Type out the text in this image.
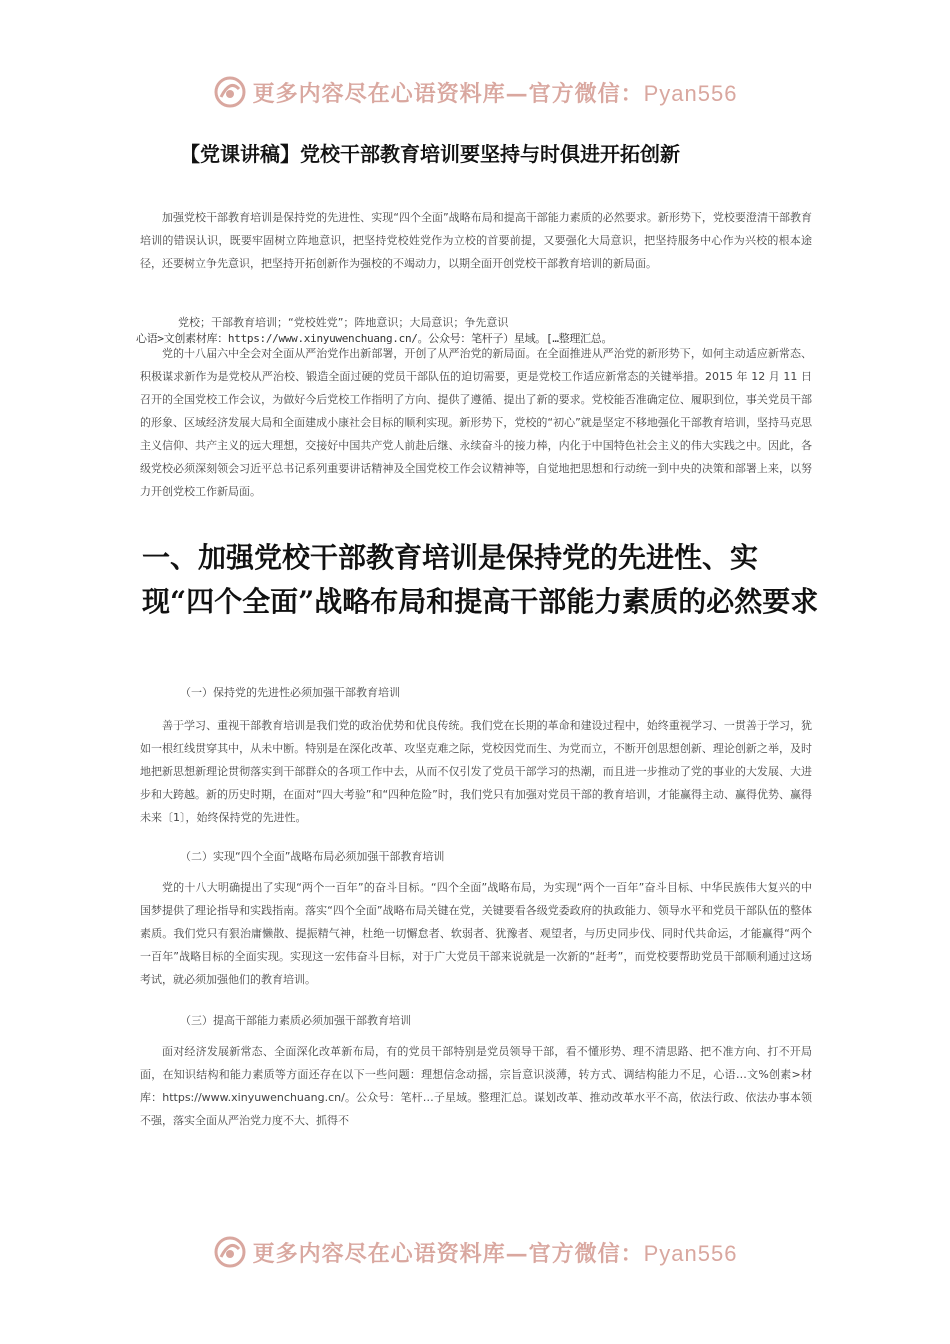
更多内容尽在心语资料库—官方微信：Pyan556
【党课讲稿】党校干部教育培训要坚持与时俱进开拓创新

加强党校干部教育培训是保持党的先进性、实现“四个全面”战略布局和提高干部能力素质的必然要求。新形势下，党校要澄清干部教育培训的错误认识，既要牢固树立阵地意识，把坚持党校姓党作为立校的首要前提，又要强化大局意识，把坚持服务中心作为兴校的根本途径，还要树立争先意识，把坚持开拓创新作为强校的不竭动力，以期全面开创党校干部教育培训的新局面。

党校；干部教育培训；“党校姓党”；阵地意识；大局意识；争先意识
心语>文创素材库：https://www.xinyuwenchuang.cn/。公众号：笔杆子）星域。[…整理汇总。

党的十八届六中全会对全面从严治党作出新部署，开创了从严治党的新局面。在全面推进从严治党的新形势下，如何主动适应新常态、积极谋求新作为是党校从严治校、锻造全面过硬的党员干部队伍的迫切需要，更是党校工作适应新常态的关键举措。2015 年 12 月 11 日召开的全国党校工作会议，为做好今后党校工作指明了方向、提供了遵循、提出了新的要求。党校能否准确定位、履职到位，事关党员干部的形象、区域经济发展大局和全面建成小康社会目标的顺利实现。新形势下，党校的“初心”就是坚定不移地强化干部教育培训，坚持马克思主义信仰、共产主义的远大理想，交接好中国共产党人前赴后继、永续奋斗的接力棒，内化于中国特色社会主义的伟大实践之中。因此，各级党校必须深刻领会习近平总书记系列重要讲话精神及全国党校工作会议精神等，自觉地把思想和行动统一到中央的决策和部署上来，以努力开创党校工作新局面。

一、加强党校干部教育培训是保持党的先进性、实现“四个全面”战略布局和提高干部能力素质的必然要求
（一）保持党的先进性必须加强干部教育培训

善于学习、重视干部教育培训是我们党的政治优势和优良传统。我们党在长期的革命和建设过程中，始终重视学习、一贯善于学习，犹如一根红线贯穿其中，从未中断。特别是在深化改革、攻坚克难之际，党校因党而生、为党而立，不断开创思想创新、理论创新之举，及时地把新思想新理论贯彻落实到干部群众的各项工作中去，从而不仅引发了党员干部学习的热潮，而且进一步推动了党的事业的大发展、大进步和大跨越。新的历史时期，在面对“四大考验”和“四种危险”时，我们党只有加强对党员干部的教育培训，才能赢得主动、赢得优势、赢得未来〔1〕，始终保持党的先进性。

（二）实现“四个全面”战略布局必须加强干部教育培训

党的十八大明确提出了实现“两个一百年”的奋斗目标。“四个全面”战略布局，为实现“两个一百年”奋斗目标、中华民族伟大复兴的中国梦提供了理论指导和实践指南。落实“四个全面”战略布局关键在党，关键要看各级党委政府的执政能力、领导水平和党员干部队伍的整体素质。我们党只有狠治庸懒散、提振精气神，杜绝一切懈怠者、软弱者、犹豫者、观望者，与历史同步伐、同时代共命运，才能赢得“两个一百年”战略目标的全面实现。实现这一宏伟奋斗目标，对于广大党员干部来说就是一次新的“赶考”，而党校要帮助党员干部顺利通过这场考试，就必须加强他们的教育培训。

（三）提高干部能力素质必须加强干部教育培训

面对经济发展新常态、全面深化改革新布局，有的党员干部特别是党员领导干部，看不懂形势、理不清思路、把不准方向、打不开局面，在知识结构和能力素质等方面还存在以下一些问题：理想信念动摇，宗旨意识淡薄，转方式、调结构能力不足，心语…文%创素>材库：https://www.xinyuwenchuang.cn/。公众号：笔杆…子星域。整理汇总。谋划改革、推动改革水平不高，依法行政、依法办事本领不强，落实全面从严治党力度不大、抓得不

更多内容尽在心语资料库—官方微信：Pyan556
